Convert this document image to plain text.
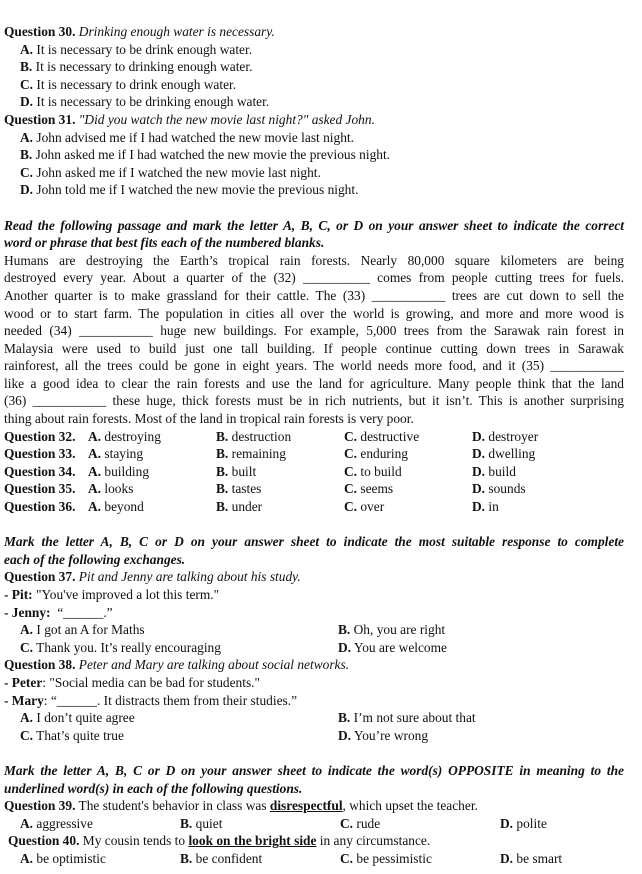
Question 30. Drinking enough water is necessary.
A. It is necessary to be drink enough water.
B. It is necessary to drinking enough water.
C. It is necessary to drink enough water.
D. It is necessary to be drinking enough water.
Question 31. "Did you watch the new movie last night?" asked John.
A. John advised me if I had watched the new movie last night.
B. John asked me if I had watched the new movie the previous night.
C. John asked me if I watched the new movie last night.
D. John told me if I watched the new movie the previous night.
Read the following passage and mark the letter A, B, C, or D on your answer sheet to indicate the correct
word or phrase that best fits each of the numbered blanks.
Humans are destroying the Earth’s tropical rain forests. Nearly 80,000 square kilometers are being
destroyed every year. About a quarter of the (32) __________ comes from people cutting trees for fuels.
Another quarter is to make grassland for their cattle. The (33) ___________ trees are cut down to sell the
wood or to start farm. The population in cities all over the world is growing, and more and more wood is
needed (34) ___________ huge new buildings. For example, 5,000 trees from the Sarawak rain forest in
Malaysia were used to build just one tall building. If people continue cutting down trees in Sarawak
rainforest, all the trees could be gone in eight years. The world needs more food, and it (35) ___________
like a good idea to clear the rain forests and use the land for agriculture. Many people think that the land
(36) ___________ these huge, thick forests must be in rich nutrients, but it isn’t. This is another surprising
thing about rain forests. Most of the land in tropical rain forests is very poor.
Question 32. A. destroying	B. destruction	C. destructive	D. destroyer
Question 33. A. staying	B. remaining	C. enduring	D. dwelling
Question 34. A. building	B. built	C. to build	D. build
Question 35. A. looks	B. tastes	C. seems	D. sounds
Question 36. A. beyond	B. under	C. over	D. in
Mark the letter A, B, C or D on your answer sheet to indicate the most suitable response to complete
each of the following exchanges.
Question 37. Pit and Jenny are talking about his study.
- Pit: "You've improved a lot this term."
- Jenny: “______.”
A. I got an A for Maths	B. Oh, you are right
C. Thank you. It’s really encouraging	D. You are welcome
Question 38. Peter and Mary are talking about social networks.
- Peter: "Social media can be bad for students."
- Mary: “______. It distracts them from their studies.”
A. I don’t quite agree	B. I’m not sure about that
C. That’s quite true	D. You’re wrong
Mark the letter A, B, C or D on your answer sheet to indicate the word(s) OPPOSITE in meaning to the
underlined word(s) in each of the following questions.
Question 39. The student's behavior in class was disrespectful, which upset the teacher.
A. aggressive	B. quiet	C. rude	D. polite
Question 40. My cousin tends to look on the bright side in any circumstance.
A. be optimistic	B. be confident	C. be pessimistic	D. be smart
